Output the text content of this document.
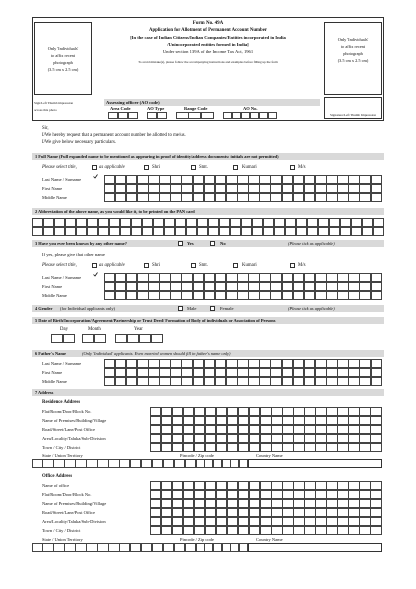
Only 'Individuals'
to affix recent
photograph
(3.5 cm x 2.5 cm)
Only 'Individuals'
to affix recent
photograph
(3.5 cm x 2.5 cm)
Form No. 49A
Application for Allotment of Permanent Account Number
[In the case of Indian Citizens/Indian Companies/Entities incorporated in India
/Unincorporated entities formed in India]
Under section 139A of the Income Tax Act, 1961
To avoid mistake(s), please follow the accompanying instructions and examples before filling up the form
Sign/Left Thumb impression
across this photo
Signature/Left Thumb Impression
Assessing officer (AO code)
Area Code	AO Type	Range Code	AO No.
Sir,
I/We hereby request that a permanent account number be allotted to me/us.
I/We give below necessary particulars.
1 Full Name (Full expanded name to be mentioned as appearing in proof of identity/address documents: initials are not permitted)
Please select title,	as applicable	Shri	Smt.	Kumari	M/s
Last Name / Surname
First Name
Middle Name
2 Abbreviation of the above name, as you would like it, to be printed on the PAN card
3 Have you ever been known by any other name?	Yes	No	(Please tick as applicable)
If yes, please give that other name
Please select title,	as applicable	Shri	Smt.	Kumari	M/s
Last Name / Surname
First Name
Middle Name
4 Gender (for Individual applicants only)	Male	Female	(Please tick as applicable)
5 Date of Birth/Incorporation/Agreement/Partnership or Trust Deed/ Formation of Body of individuals or Association of Persons
Day	Month	Year
6 Father's Name	(Only 'Individual' applicants. Even married women should fill in father's name only)
Last Name / Surname
First Name
Middle Name
7 Address
Residence Address
Flat/Room/Door/Block No.
Name of Premises/Building/Village
Road/Street/Lane/Post Office
Area/Locality/Taluka/Sub-Division
Town / City / District
State / Union Territory	Pincode / Zip code	Country Name
Office Address
Name of office
Flat/Room/Door/Block No.
Name of Premises/Building/Village
Road/Street/Lane/Post Office
Area/Locality/Taluka/Sub-Division
Town / City / District
State / Union Territory	Pincode / Zip code	Country Name
